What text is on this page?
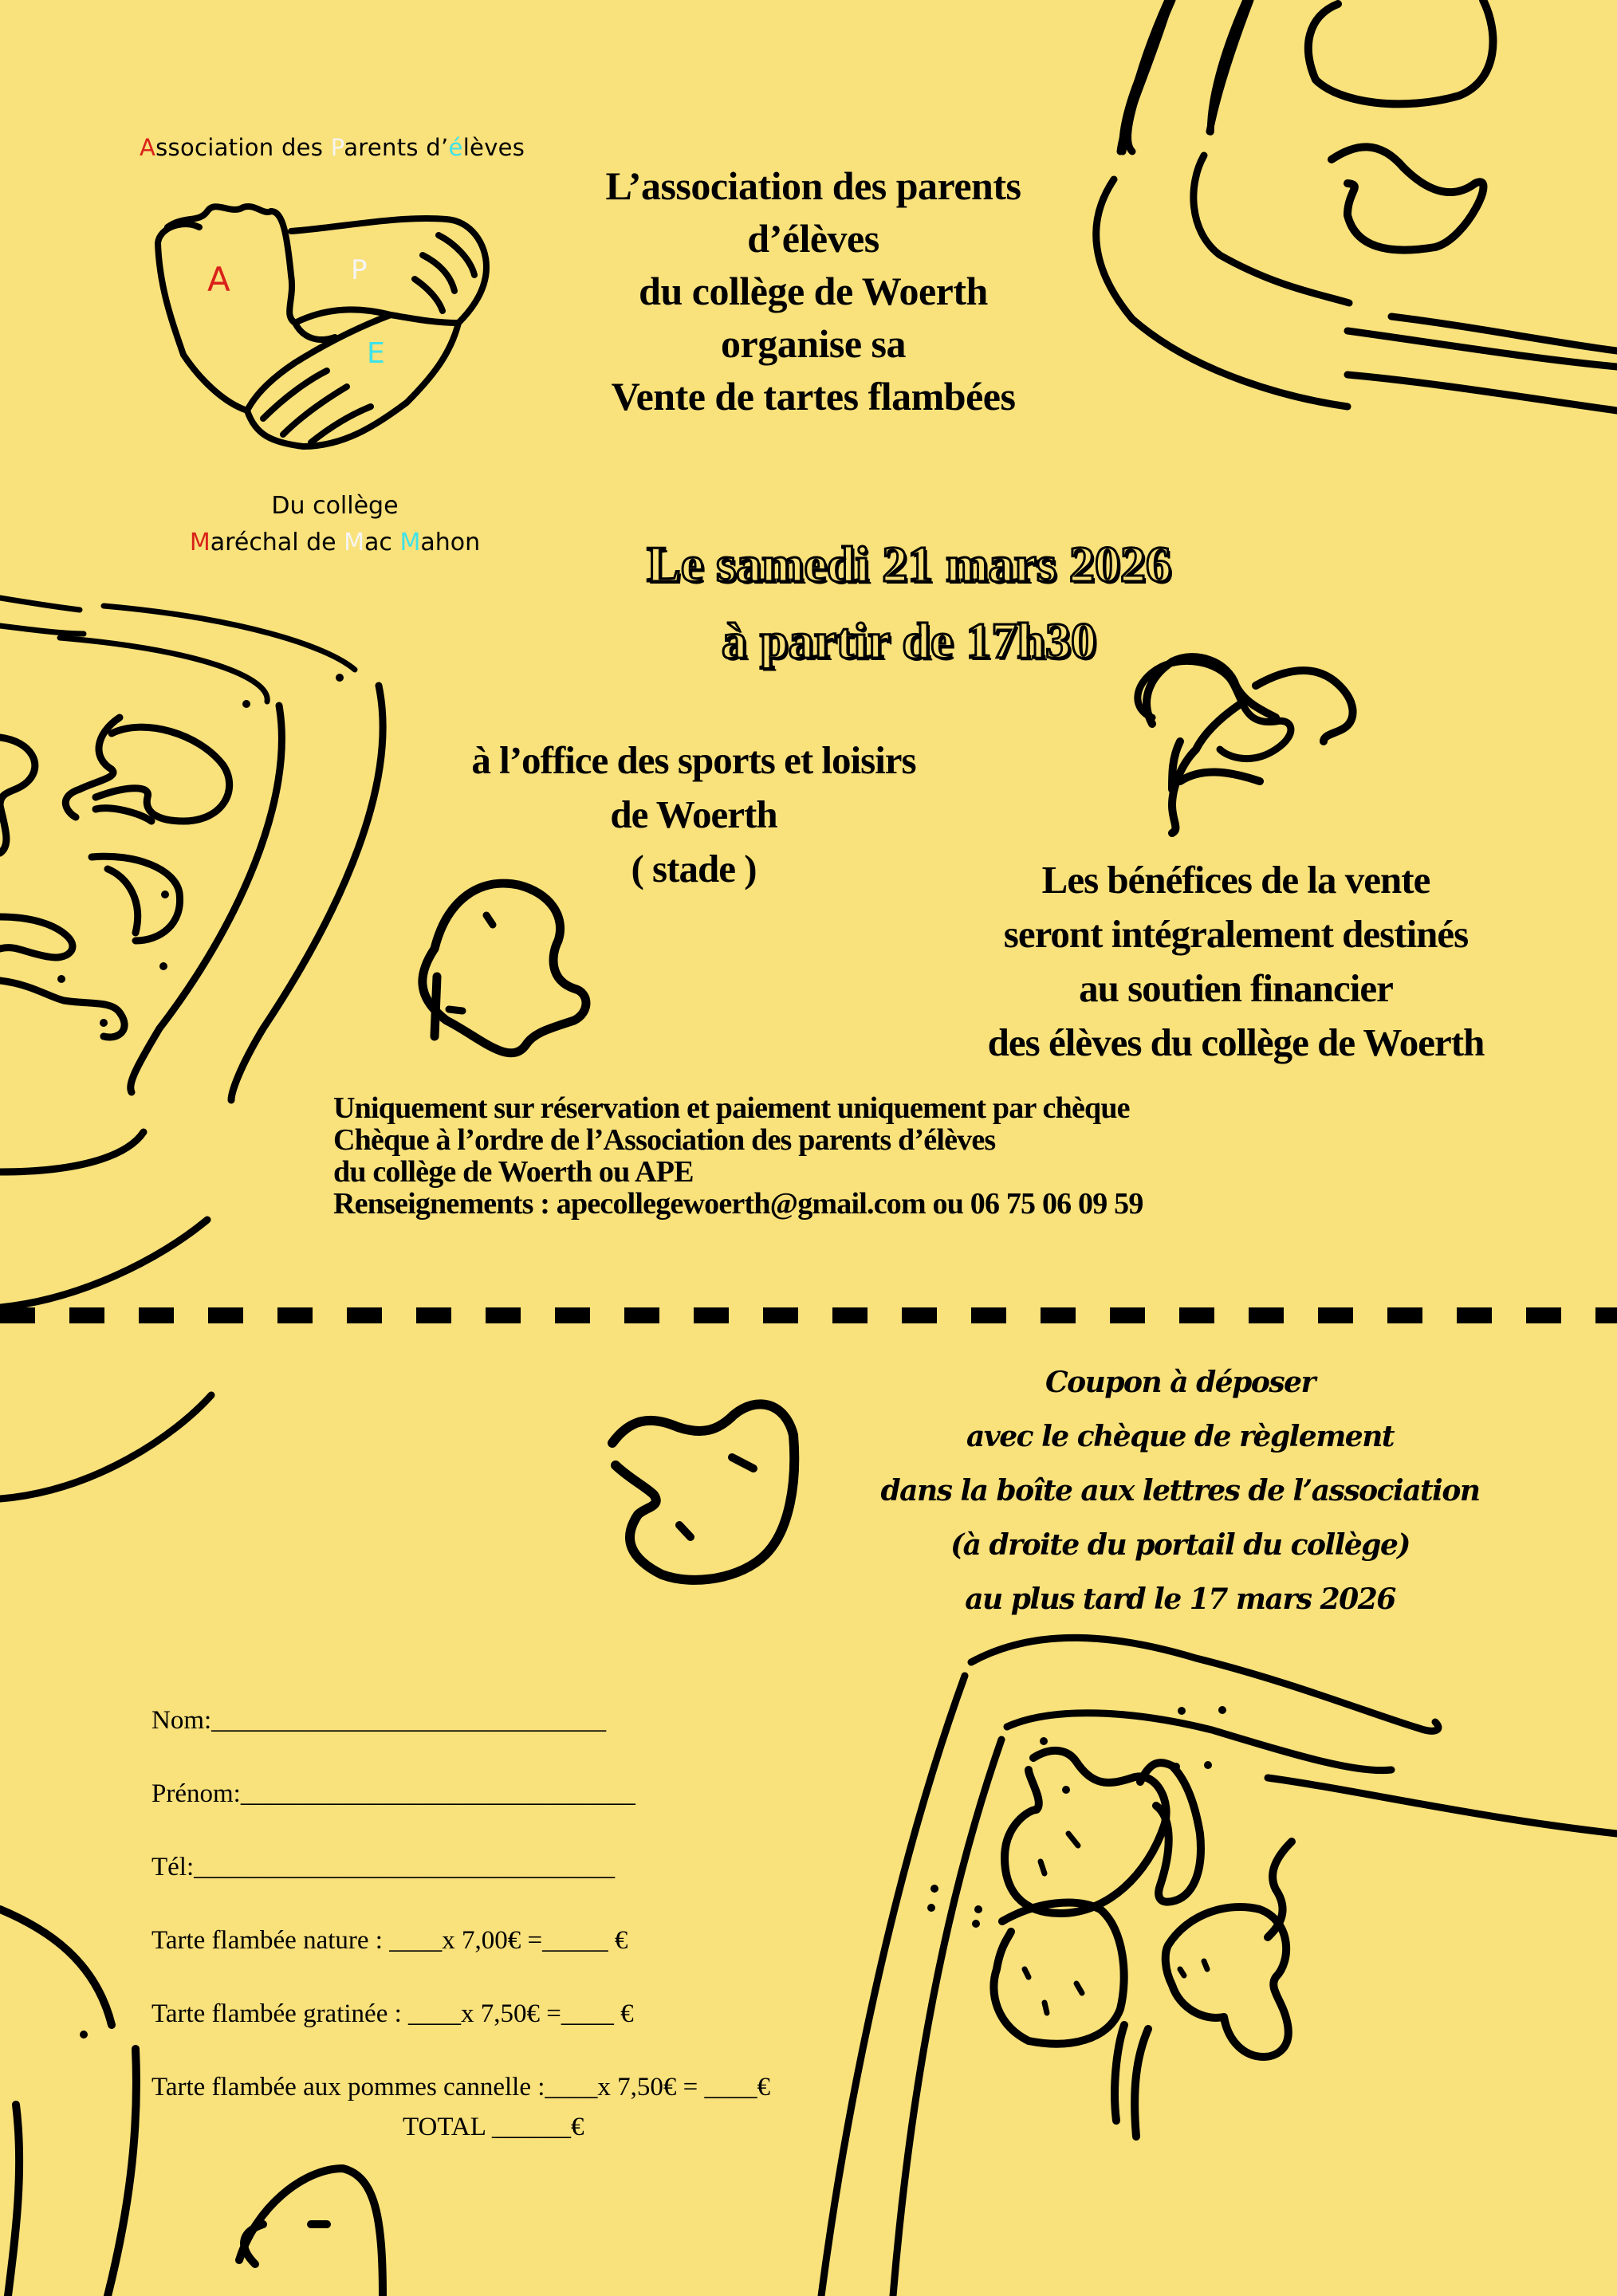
Association des Parents d’élèves
A	P
E
Du collège
Maréchal de Mac Mahon
L’association des parents
d’élèves
du collège de Woerth
organise sa
Vente de tartes flambées
Le samedi 21 mars 2026
à partir de 17h30
à l’office des sports et loisirs
de Woerth
( stade )	Les bénéfices de la vente
seront intégralement destinés
au soutien financier
des élèves du collège de Woerth
Uniquement sur réservation et paiement uniquement par chèque
Chèque à l’ordre de l’Association des parents d’élèves
du collège de Woerth ou APE
Renseignements : apecollegewoerth@gmail.com ou 06 75 06 09 59
Coupon à déposer
avec le chèque de règlement
dans la boîte aux lettres de l’association
(à droite du portail du collège)
au plus tard le 17 mars 2026
Nom:______________________________
Prénom:______________________________
Tél:________________________________
Tarte flambée nature : ____x 7,00€ =_____ €
Tarte flambée gratinée : ____x 7,50€ =____ €
Tarte flambée aux pommes cannelle :____x 7,50€ = ____€
TOTAL ______€
